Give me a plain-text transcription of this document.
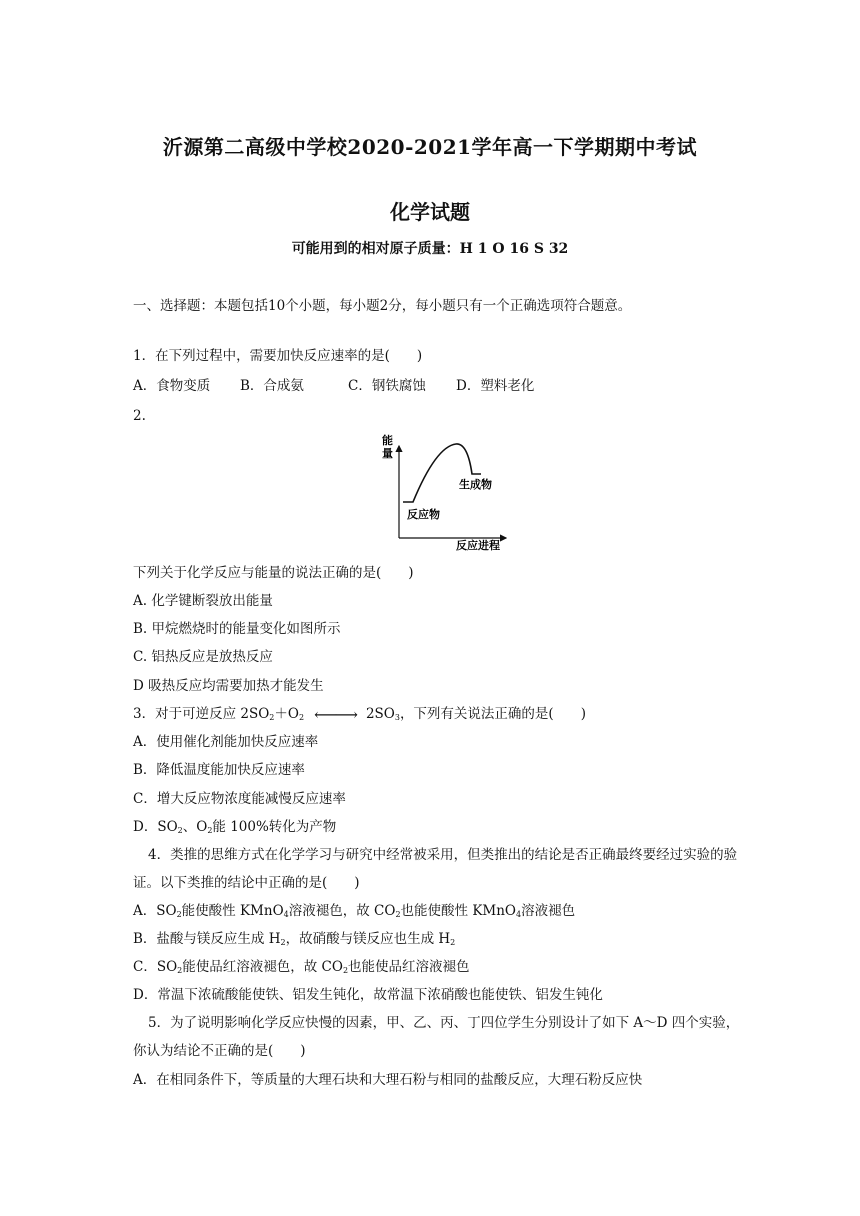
沂源第二高级中学校2020-2021学年高一下学期期中考试
化学试题

可能用到的相对原子质量：H 1 O 16 S 32

一、选择题：本题包括10个小题，每小题2分，每小题只有一个正确选项符合题意。

1．在下列过程中，需要加快反应速率的是(　　)

A．食物变质 B．合成氨	C．钢铁腐蚀 D．塑料老化

2.

能
量
生成物
反应物
反应进程

下列关于化学反应与能量的说法正确的是(　　)

A. 化学键断裂放出能量

B. 甲烷燃烧时的能量变化如图所示

C. 铝热反应是放热反应

D 吸热反应均需要加热才能发生

3．对于可逆反应 $2SO_2+O_2$ ⟵⟶ $2SO_3$，下列有关说法正确的是(　　)

A．使用催化剂能加快反应速率

B．降低温度能加快反应速率

C．增大反应物浓度能减慢反应速率

D．$SO_2$、$O_2$能 100%转化为产物

4．类推的思维方式在化学学习与研究中经常被采用，但类推出的结论是否正确最终要经过实验的验

证。以下类推的结论中正确的是(　　)

A．$SO_2$能使酸性 KMnO$_4$溶液褪色，故 $CO_2$也能使酸性 KMnO$_4$溶液褪色

B．盐酸与镁反应生成 $H_2$，故硝酸与镁反应也生成 $H_2$

C．$SO_2$能使品红溶液褪色，故 $CO_2$也能使品红溶液褪色

D．常温下浓硫酸能使铁、铝发生钝化，故常温下浓硝酸也能使铁、铝发生钝化

5．为了说明影响化学反应快慢的因素，甲、乙、丙、丁四位学生分别设计了如下 A～D 四个实验，

你认为结论不正确的是(　　)

A．在相同条件下，等质量的大理石块和大理石粉与相同的盐酸反应，大理石粉反应快
